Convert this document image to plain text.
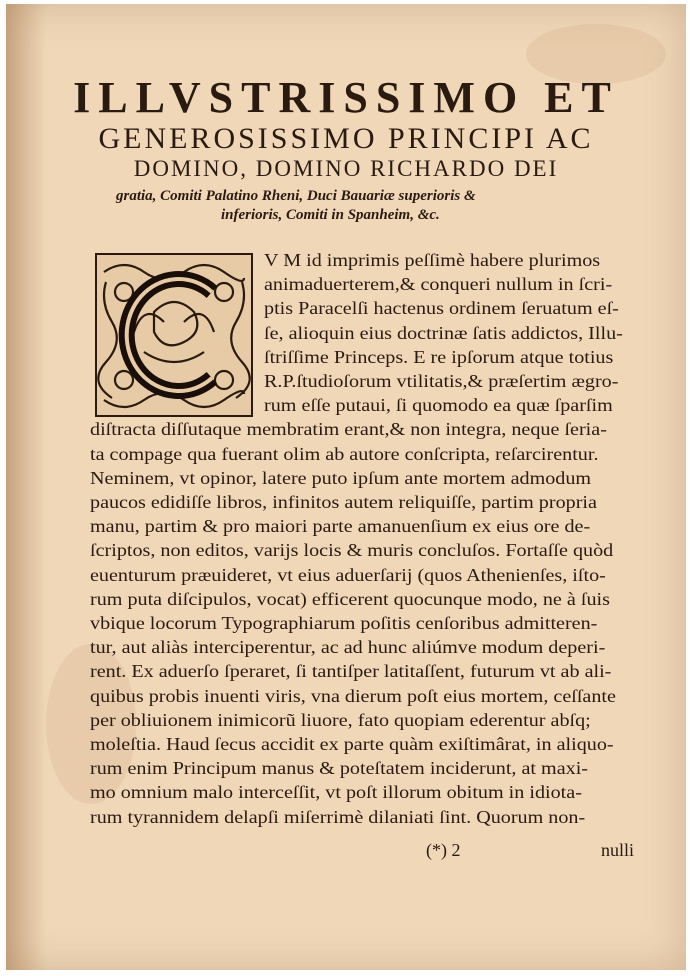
ILLVSTRISSIMO ET
GENEROSISSIMO PRINCIPI AC
DOMINO, DOMINO RICHARDO DEI
gratia, Comiti Palatino Rheni, Duci Bauariæ superioris &
inferioris, Comiti in Spanheim, &c.
V M id imprimis peſſimè habere plurimos
animaduerterem,& conqueri nullum in ſcri-
ptis Paracelſi hactenus ordinem ſeruatum eſ-
ſe, alioquin eius doctrinæ ſatis addictos, Illu-
ſtriſſime Princeps. E re ipſorum atque totius
R.P.ſtudioſorum vtilitatis,& præſertim ægro-
rum eſſe putaui, ſi quomodo ea quæ ſparſim
diſtracta diſſutaque membratim erant,& non integra, neque ſeria-
ta compage qua fuerant olim ab autore conſcripta, reſarcirentur.
Neminem, vt opinor, latere puto ipſum ante mortem admodum
paucos edidiſſe libros, infinitos autem reliquiſſe, partim propria
manu, partim & pro maiori parte amanuenſium ex eius ore de-
ſcriptos, non editos, varijs locis & muris concluſos. Fortaſſe quòd
euenturum præuideret, vt eius aduerſarij (quos Athenienſes, iſto-
rum puta diſcipulos, vocat) efficerent quocunque modo, ne à ſuis
vbique locorum Typographiarum poſitis cenſoribus admitteren-
tur, aut aliàs interciperentur, ac ad hunc aliúmve modum deperi-
rent. Ex aduerſo ſperaret, ſi tantiſper latitaſſent, futurum vt ab ali-
quibus probis inuenti viris, vna dierum poſt eius mortem, ceſſante
per obliuionem inimicorũ liuore, fato quopiam ederentur abſq;
moleſtia. Haud ſecus accidit ex parte quàm exiſtimârat, in aliquo-
rum enim Principum manus & poteſtatem inciderunt, at maxi-
mo omnium malo interceſſit, vt poſt illorum obitum in idiota-
rum tyrannidem delapſi miſerrimè dilaniati ſint. Quorum non-
(*) 2	nulli
